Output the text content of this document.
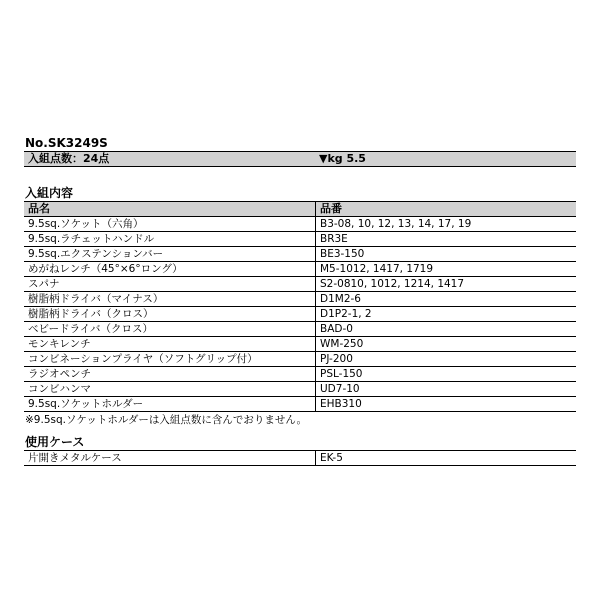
No.SK3249S
入組点数：24点	▼kg 5.5
入組内容
品名	品番
9.5sq.ソケット（六角）	B3-08, 10, 12, 13, 14, 17, 19
9.5sq.ラチェットハンドル	BR3E
9.5sq.エクステンションバー	BE3-150
めがねレンチ（45°×6°ロング）	M5-1012, 1417, 1719
スパナ	S2-0810, 1012, 1214, 1417
樹脂柄ドライバ（マイナス）	D1M2-6
樹脂柄ドライバ（クロス）	D1P2-1, 2
ベビードライバ（クロス）	BAD-0
モンキレンチ	WM-250
コンビネーションプライヤ（ソフトグリップ付）	PJ-200
ラジオペンチ	PSL-150
コンビハンマ	UD7-10
9.5sq.ソケットホルダー	EHB310
※9.5sq.ソケットホルダーは入組点数に含んでおりません。
使用ケース
片開きメタルケース	EK-5
